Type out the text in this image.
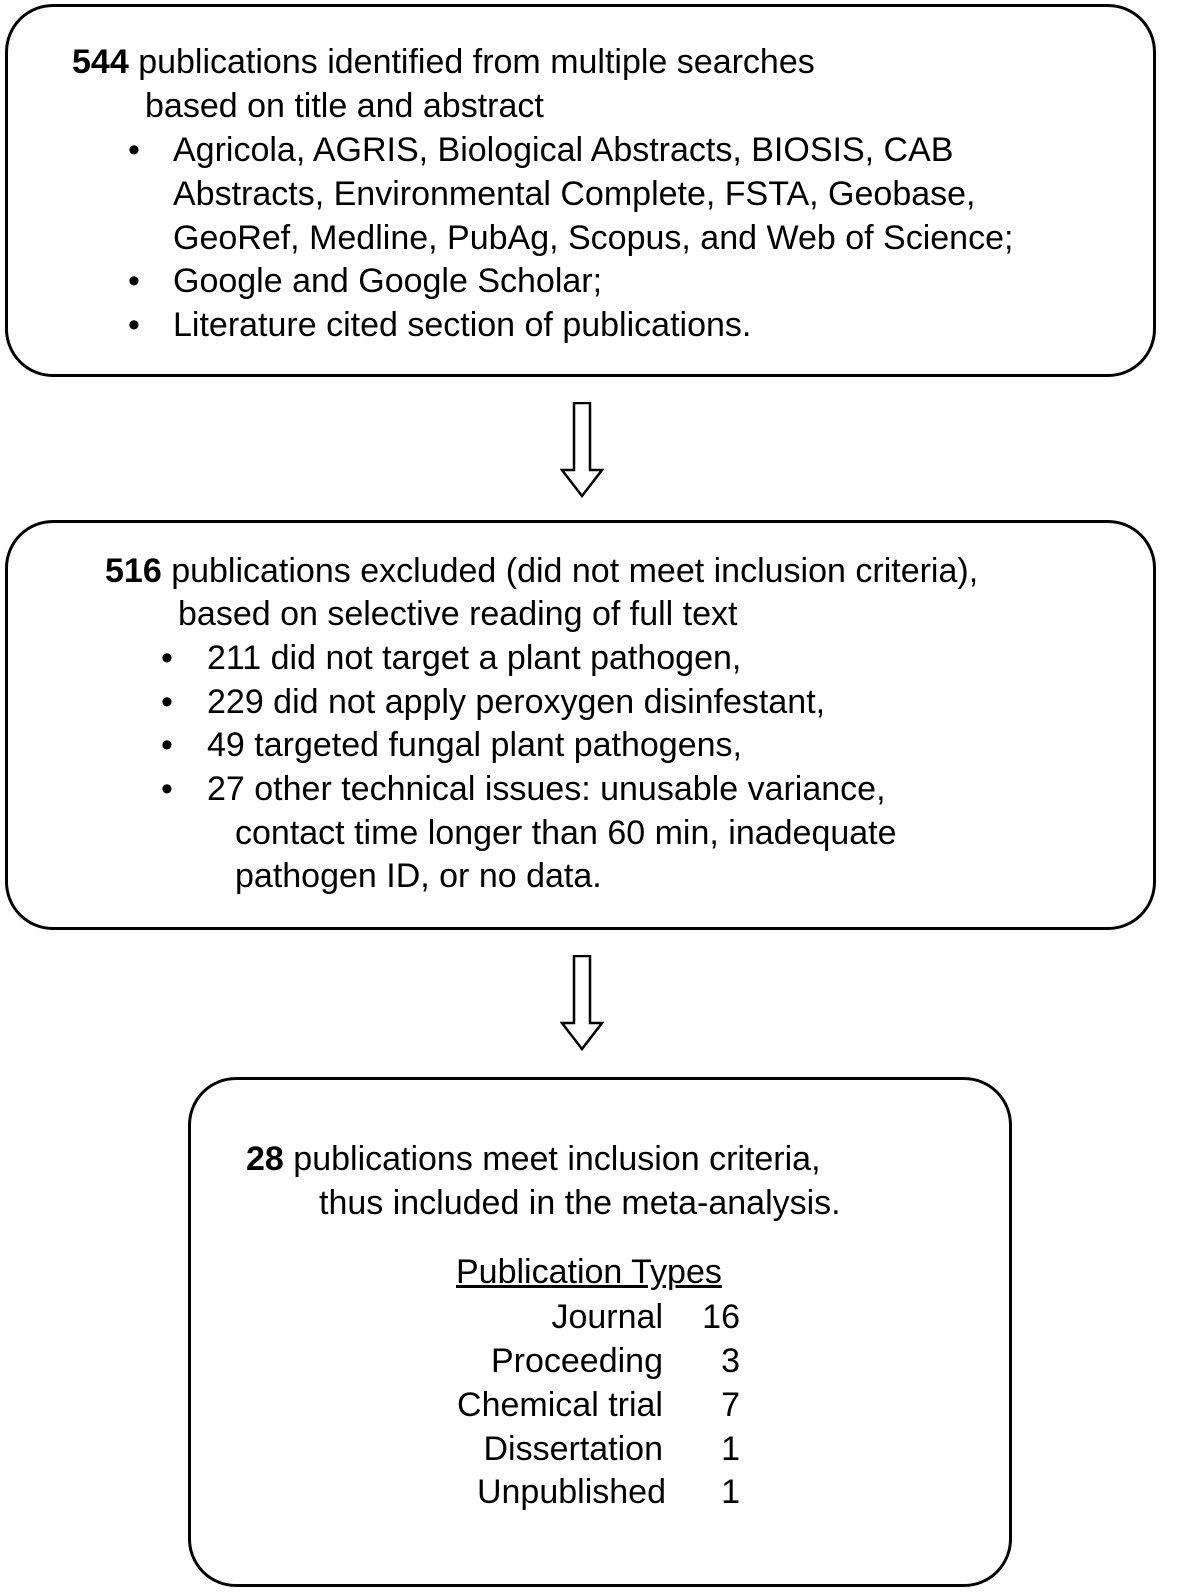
544 publications identified from multiple searches
based on title and abstract
• Agricola, AGRIS, Biological Abstracts, BIOSIS, CAB
Abstracts, Environmental Complete, FSTA, Geobase,
GeoRef, Medline, PubAg, Scopus, and Web of Science;
• Google and Google Scholar;
• Literature cited section of publications.
516 publications excluded (did not meet inclusion criteria),
based on selective reading of full text
• 211 did not target a plant pathogen,
• 229 did not apply peroxygen disinfestant,
• 49 targeted fungal plant pathogens,
• 27 other technical issues: unusable variance,
contact time longer than 60 min, inadequate
pathogen ID, or no data.
28 publications meet inclusion criteria,
thus included in the meta-analysis.
Publication Types
Journal	16
Proceeding	3
Chemical trial	7
Dissertation	1
Unpublished	1
